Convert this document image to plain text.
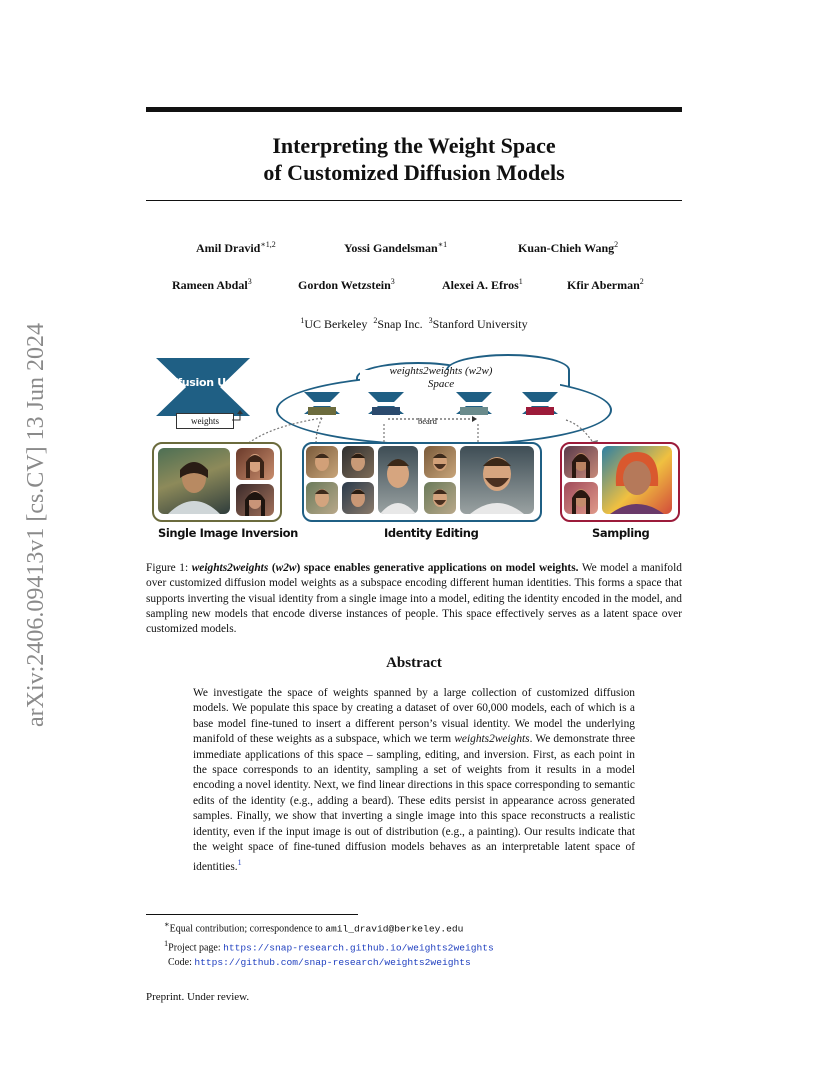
arXiv:2406.09413v1 [cs.CV] 13 Jun 2024
Interpreting the Weight Space
of Customized Diffusion Models
Amil Dravid$^{∗1,2}$	Yossi Gandelsman$^{∗1}$	Kuan-Chieh Wang$^2$
Rameen Abdal$^3$	Gordon Wetzstein$^3$	Alexei A. Efros$^1$	Kfir Aberman$^2$
$^1$UC Berkeley $^2$Snap Inc. $^3$Stanford University
Diffusion Unet
weights
weights2weights (w2w)
Space
beard
Single Image Inversion	Identity Editing	Sampling
Figure 1: weights2weights (w2w) space enables generative applications on model weights. We model a manifold over customized diffusion model weights as a subspace encoding different human identities. This forms a space that supports inverting the visual identity from a single image into a model, editing the identity encoded in the model, and sampling new models that encode diverse instances of people. This space effectively serves as a latent space over customized models.
Abstract
We investigate the space of weights spanned by a large collection of customized diffusion models. We populate this space by creating a dataset of over 60,000 models, each of which is a base model fine-tuned to insert a different person’s visual identity. We model the underlying manifold of these weights as a subspace, which we term weights2weights. We demonstrate three immediate applications of this space – sampling, editing, and inversion. First, as each point in the space corresponds to an identity, sampling a set of weights from it results in a model encoding a novel identity. Next, we find linear directions in this space corresponding to semantic edits of the identity (e.g., adding a beard). These edits persist in appearance across generated samples. Finally, we show that inverting a single image into this space reconstructs a realistic identity, even if the input image is out of distribution (e.g., a painting). Our results indicate that the weight space of fine-tuned diffusion models behaves as an interpretable latent space of identities.$^1$
∗Equal contribution; correspondence to amil_dravid@berkeley.edu
$^1$Project page: https://snap-research.github.io/weights2weights
Code: https://github.com/snap-research/weights2weights
Preprint. Under review.
